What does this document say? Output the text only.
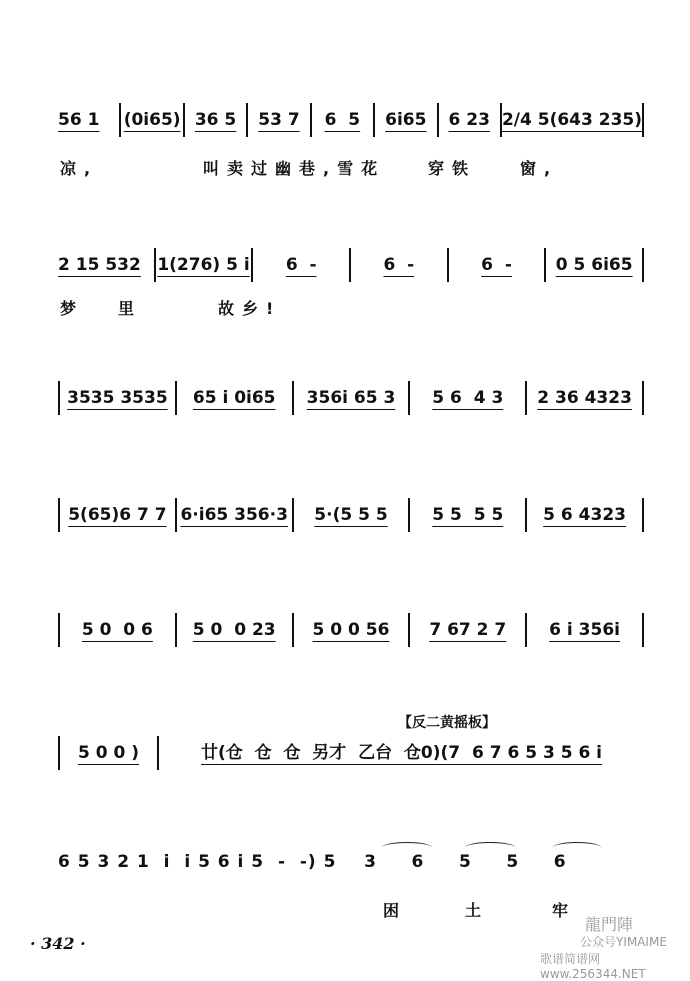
56 1	(0i65) 36 5	53 7	6  5	6i65	6 23 2/4 5(643 235)
凉,	叫卖过幽巷,雪花	穿铁	窗,
2 15 532 1(276) 5 i	6  -	6  -	6  -	0 5 6i65
梦 里	故乡!
3535 3535	65 i 0i65	356i 65 3	5 6  4 3	2 36 4323
5(65)6 7 7 6·i65 356·3	5·(5 5 5	5 5  5 5	5 6 4323
5 0  0 6	5 0  0 23	5 0 0 56	7 67 2 7	6 i 356i
【反二黄摇板】
5 0 0 )	廿(仓  仓  仓  另才  乙台  仓0)(7  6 7 6 5 3 5 6 i
6 5 3 2 1  i  i 5 6 i 5  -  -) 5    3     6     5     5     6
困	土	牢
· 342 ·
龍門陣
公众号YIMAIME
歌谱简谱网 www.256344.NET
